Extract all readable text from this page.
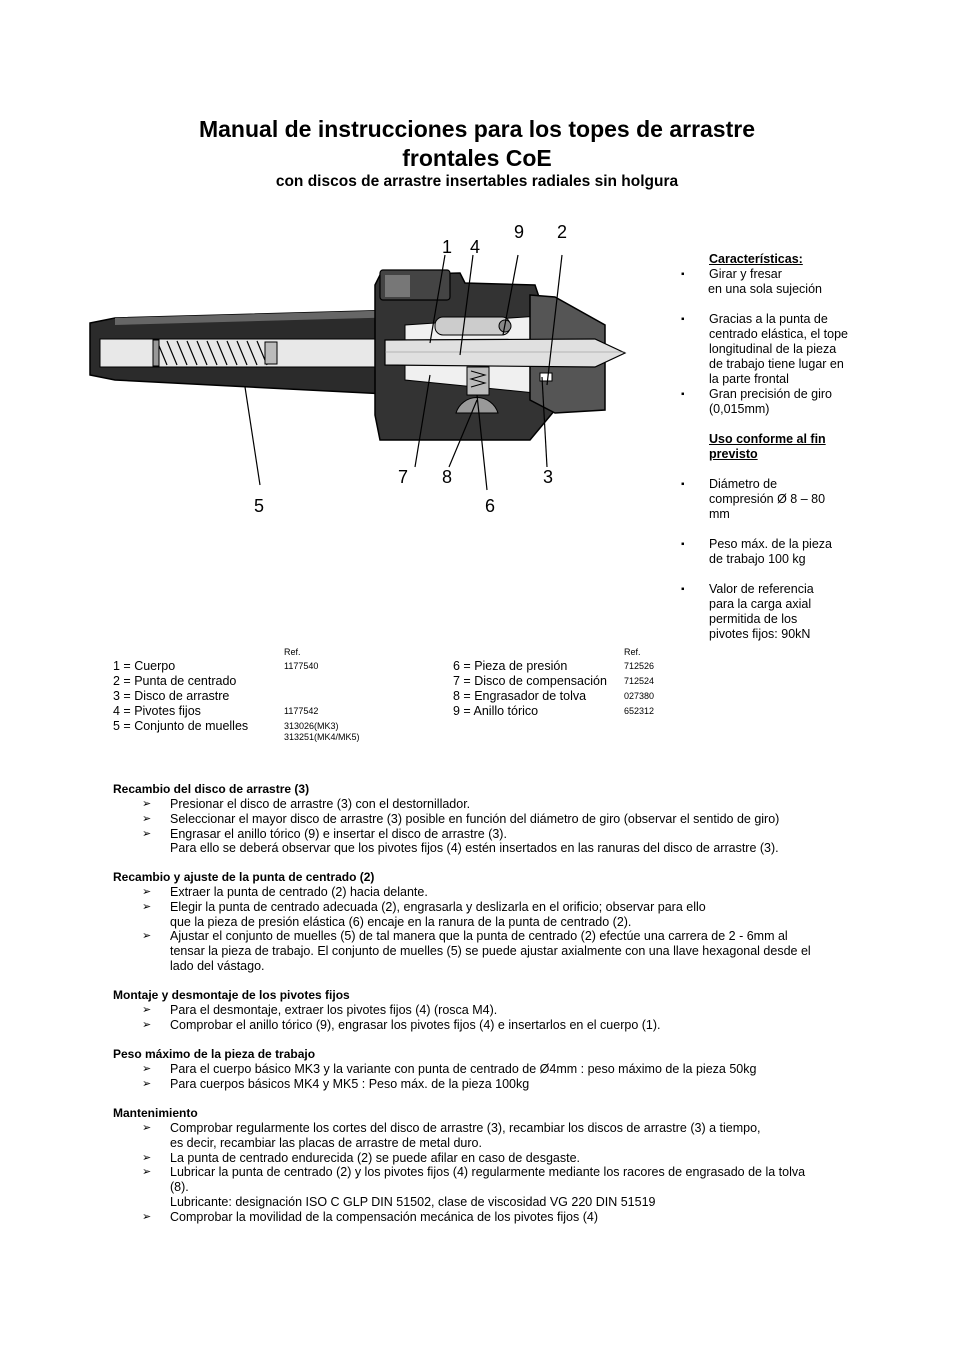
Manual de instrucciones para los topes de arrastre
frontales CoE
con discos de arrastre insertables radiales sin holgura
1 4
9 2
5
7 8	3
6
Características:
▪ Girar y fresar
en una sola sujeción
▪ Gracias a la punta de
centrado elástica, el tope
longitudinal de la pieza
de trabajo tiene lugar en
la parte frontal
▪ Gran precisión de giro
(0,015mm)
Uso conforme al fin
previsto
▪ Diámetro de
compresión Ø 8 – 80
mm
▪ Peso máx. de la pieza
de trabajo 100 kg
▪ Valor de referencia
para la carga axial
permitida de los
pivotes fijos: 90kN
Ref.	Ref.
1 = Cuerpo	1177540
2 = Punta de centrado
3 = Disco de arrastre
4 = Pivotes fijos	1177542
5 = Conjunto de muelles	313026(MK3)
313251(MK4/MK5)
6 = Pieza de presión	712526
7 = Disco de compensación 712524
8 = Engrasador de tolva	027380
9 = Anillo tórico	652312
Recambio del disco de arrastre (3)
➢ Presionar el disco de arrastre (3) con el destornillador.
➢ Seleccionar el mayor disco de arrastre (3) posible en función del diámetro de giro (observar el sentido de giro)
➢ Engrasar el anillo tórico (9) e insertar el disco de arrastre (3).
Para ello se deberá observar que los pivotes fijos (4) estén insertados en las ranuras del disco de arrastre (3).
Recambio y ajuste de la punta de centrado (2)
➢ Extraer la punta de centrado (2) hacia delante.
➢ Elegir la punta de centrado adecuada (2), engrasarla y deslizarla en el orificio; observar para ello
que la pieza de presión elástica (6) encaje en la ranura de la punta de centrado (2).
➢ Ajustar el conjunto de muelles (5) de tal manera que la punta de centrado (2) efectúe una carrera de 2 - 6mm al
tensar la pieza de trabajo. El conjunto de muelles (5) se puede ajustar axialmente con una llave hexagonal desde el
lado del vástago.
Montaje y desmontaje de los pivotes fijos
➢ Para el desmontaje, extraer los pivotes fijos (4) (rosca M4).
➢ Comprobar el anillo tórico (9), engrasar los pivotes fijos (4) e insertarlos en el cuerpo (1).
Peso máximo de la pieza de trabajo
➢ Para el cuerpo básico MK3 y la variante con punta de centrado de Ø4mm : peso máximo de la pieza 50kg
➢ Para cuerpos básicos MK4 y MK5 : Peso máx. de la pieza 100kg
Mantenimiento
➢ Comprobar regularmente los cortes del disco de arrastre (3), recambiar los discos de arrastre (3) a tiempo,
es decir, recambiar las placas de arrastre de metal duro.
➢ La punta de centrado endurecida (2) se puede afilar en caso de desgaste.
➢ Lubricar la punta de centrado (2) y los pivotes fijos (4) regularmente mediante los racores de engrasado de la tolva
(8).
Lubricante: designación ISO C GLP DIN 51502, clase de viscosidad VG 220 DIN 51519
➢ Comprobar la movilidad de la compensación mecánica de los pivotes fijos (4)
